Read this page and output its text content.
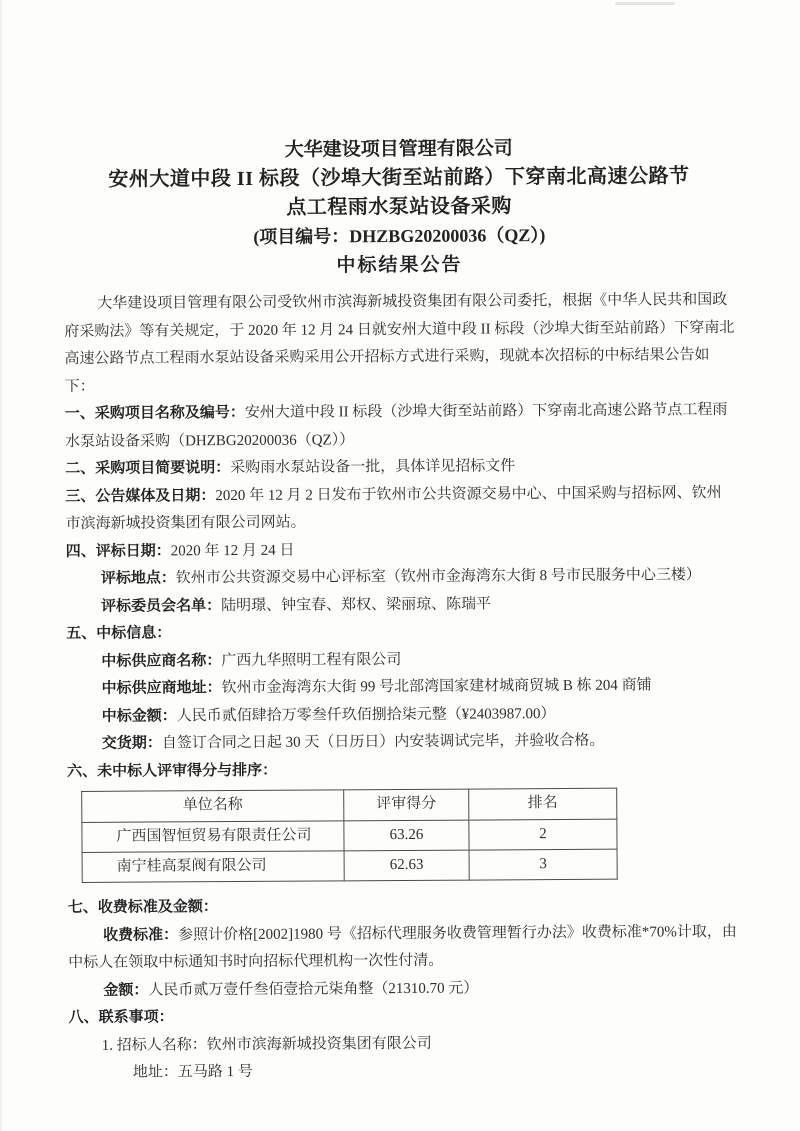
大华建设项目管理有限公司
安州大道中段 II 标段（沙埠大街至站前路）下穿南北高速公路节
点工程雨水泵站设备采购
(项目编号：DHZBG20200036（QZ）)
中标结果公告

大华建设项目管理有限公司受钦州市滨海新城投资集团有限公司委托，根据《中华人民共和国政府采购法》等有关规定，于 2020 年 12 月 24 日就安州大道中段 II 标段（沙埠大街至站前路）下穿南北高速公路节点工程雨水泵站设备采购采用公开招标方式进行采购，现就本次招标的中标结果公告如下：

一、采购项目名称及编号：安州大道中段 II 标段（沙埠大街至站前路）下穿南北高速公路节点工程雨水泵站设备采购（DHZBG20200036（QZ））

二、采购项目简要说明：采购雨水泵站设备一批，具体详见招标文件

三、公告媒体及日期：2020 年 12 月 2 日发布于钦州市公共资源交易中心、中国采购与招标网、钦州市滨海新城投资集团有限公司网站。

四、评标日期：2020 年 12 月 24 日

评标地点：钦州市公共资源交易中心评标室（钦州市金海湾东大街 8 号市民服务中心三楼）

评标委员会名单：陆明璟、钟宝春、郑权、梁丽琼、陈瑞平

五、中标信息：

中标供应商名称：广西九华照明工程有限公司

中标供应商地址：钦州市金海湾东大街 99 号北部湾国家建材城商贸城 B 栋 204 商铺

中标金额：人民币贰佰肆拾万零叁仟玖佰捌拾柒元整（¥2403987.00）

交货期：自签订合同之日起 30 天（日历日）内安装调试完毕，并验收合格。

六、未中标人评审得分与排序：

单位名称	评审得分	排名
广西国智恒贸易有限责任公司	63.26	2
南宁桂高泵阀有限公司	62.63	3

七、收费标准及金额：

收费标准：参照计价格[2002]1980 号《招标代理服务收费管理暂行办法》收费标准*70%计取，由中标人在领取中标通知书时向招标代理机构一次性付清。

金额：人民币贰万壹仟叁佰壹拾元柒角整（21310.70 元）

八、联系事项：

1. 招标人名称：钦州市滨海新城投资集团有限公司

地址：五马路 1 号
